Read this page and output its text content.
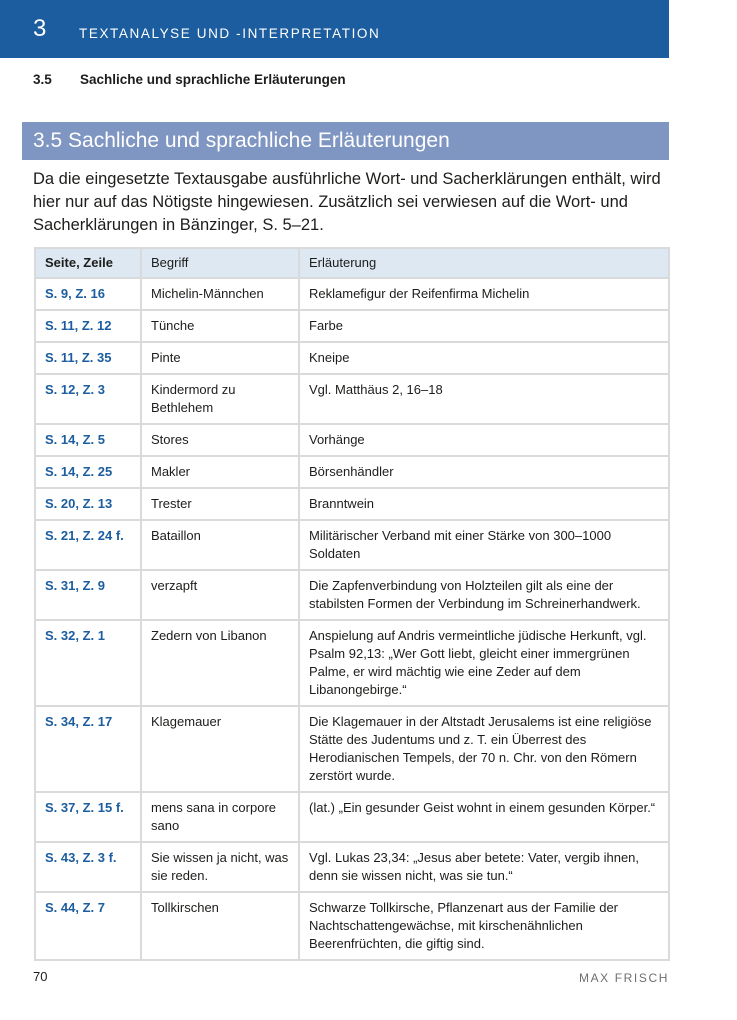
3 TEXTANALYSE UND -INTERPRETATION
3.5 Sachliche und sprachliche Erläuterungen
3.5 Sachliche und sprachliche Erläuterungen

Da die eingesetzte Textausgabe ausführliche Wort- und Sacherklärungen enthält, wird hier nur auf das Nötigste hingewiesen. Zusätzlich sei verwiesen auf die Wort- und Sacherklärungen in Bänzinger, S. 5–21.

Seite, Zeile	Begriff	Erläuterung
S. 9, Z. 16	Michelin-Männchen	Reklamefigur der Reifenfirma Michelin
S. 11, Z. 12	Tünche	Farbe
S. 11, Z. 35	Pinte	Kneipe
S. 12, Z. 3	Kindermord zu Bethlehem	Vgl. Matthäus 2, 16–18
S. 14, Z. 5	Stores	Vorhänge
S. 14, Z. 25	Makler	Börsenhändler
S. 20, Z. 13	Trester	Branntwein
S. 21, Z. 24 f.	Bataillon	Militärischer Verband mit einer Stärke von 300–1000 Soldaten
S. 31, Z. 9	verzapft	Die Zapfenverbindung von Holzteilen gilt als eine der stabilsten Formen der Verbindung im Schreinerhandwerk.
S. 32, Z. 1	Zedern von Libanon	Anspielung auf Andris vermeintliche jüdische Herkunft, vgl. Psalm 92,13: „Wer Gott liebt, gleicht einer immergrünen Palme, er wird mächtig wie eine Zeder auf dem Libanongebirge.“
S. 34, Z. 17	Klagemauer	Die Klagemauer in der Altstadt Jerusalems ist eine religiöse Stätte des Judentums und z. T. ein Überrest des Herodianischen Tempels, der 70 n. Chr. von den Römern zerstört wurde.
S. 37, Z. 15 f.	mens sana in corpore sano	(lat.) „Ein gesunder Geist wohnt in einem gesunden Körper.“
S. 43, Z. 3 f.	Sie wissen ja nicht, was sie reden.	Vgl. Lukas 23,34: „Jesus aber betete: Vater, vergib ihnen, denn sie wissen nicht, was sie tun.“
S. 44, Z. 7	Tollkirschen	Schwarze Tollkirsche, Pflanzenart aus der Familie der Nachtschattengewächse, mit kirschenähnlichen Beerenfrüchten, die giftig sind.
70	MAX FRISCH
